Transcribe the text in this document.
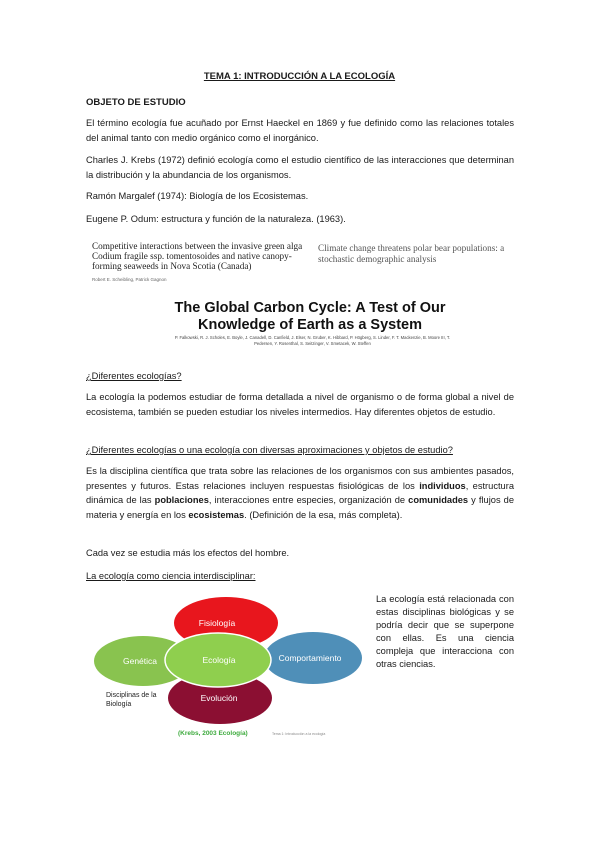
TEMA 1: INTRODUCCIÓN A LA ECOLOGÍA
OBJETO DE ESTUDIO
El término ecología fue acuñado por Ernst Haeckel en 1869 y fue definido como las relaciones totales del animal tanto con medio orgánico como el inorgánico.
Charles J. Krebs (1972) definió ecología como el estudio científico de las interacciones que determinan la distribución y la abundancia de los organismos.
Ramón Margalef (1974): Biología de los Ecosistemas.
Eugene P. Odum: estructura y función de la naturaleza. (1963).
Competitive interactions between the invasive green alga Codium fragile ssp. tomentosoides and native canopy-forming seaweeds in Nova Scotia (Canada)
Robert E. Scheibling, Patrick Gagnon
Climate change threatens polar bear populations: a stochastic demographic analysis
The Global Carbon Cycle: A Test of Our
Knowledge of Earth as a System
P. Falkowski, R. J. Scholes, E. Boyle, J. Canadell, D. Canfield, J. Elser, N. Gruber, K. Hibbard, P. Högberg, S. Linder, F. T. Mackenzie, B. Moore III, T. Pedersen, Y. Rosenthal, S. Seitzinger, V. Smetacek, W. Steffen
¿Diferentes ecologías?
La ecología la podemos estudiar de forma detallada a nivel de organismo o de forma global a nivel de ecosistema, también se pueden estudiar los niveles intermedios. Hay diferentes objetos de estudio.
¿Diferentes ecologías o una ecología con diversas aproximaciones y objetos de estudio?
Es la disciplina científica que trata sobre las relaciones de los organismos con sus ambientes pasados, presentes y futuros. Estas relaciones incluyen respuestas fisiológicas de los individuos, estructura dinámica de las poblaciones, interacciones entre especies, organización de comunidades y flujos de materia y energía en los ecosistemas. (Definición de la esa, más completa).
Cada vez se estudia más los efectos del hombre.
La ecología como ciencia interdisciplinar:
Fisiología
Genética	Ecología	Comportamiento
Evolución
Disciplinas de la Biología
(Krebs, 2003 Ecología)	Tema 1: Introducción a la ecología
La ecología está relacionada con estas disciplinas biológicas y se podría decir que se superpone con ellas. Es una ciencia compleja que interacciona con otras ciencias.
